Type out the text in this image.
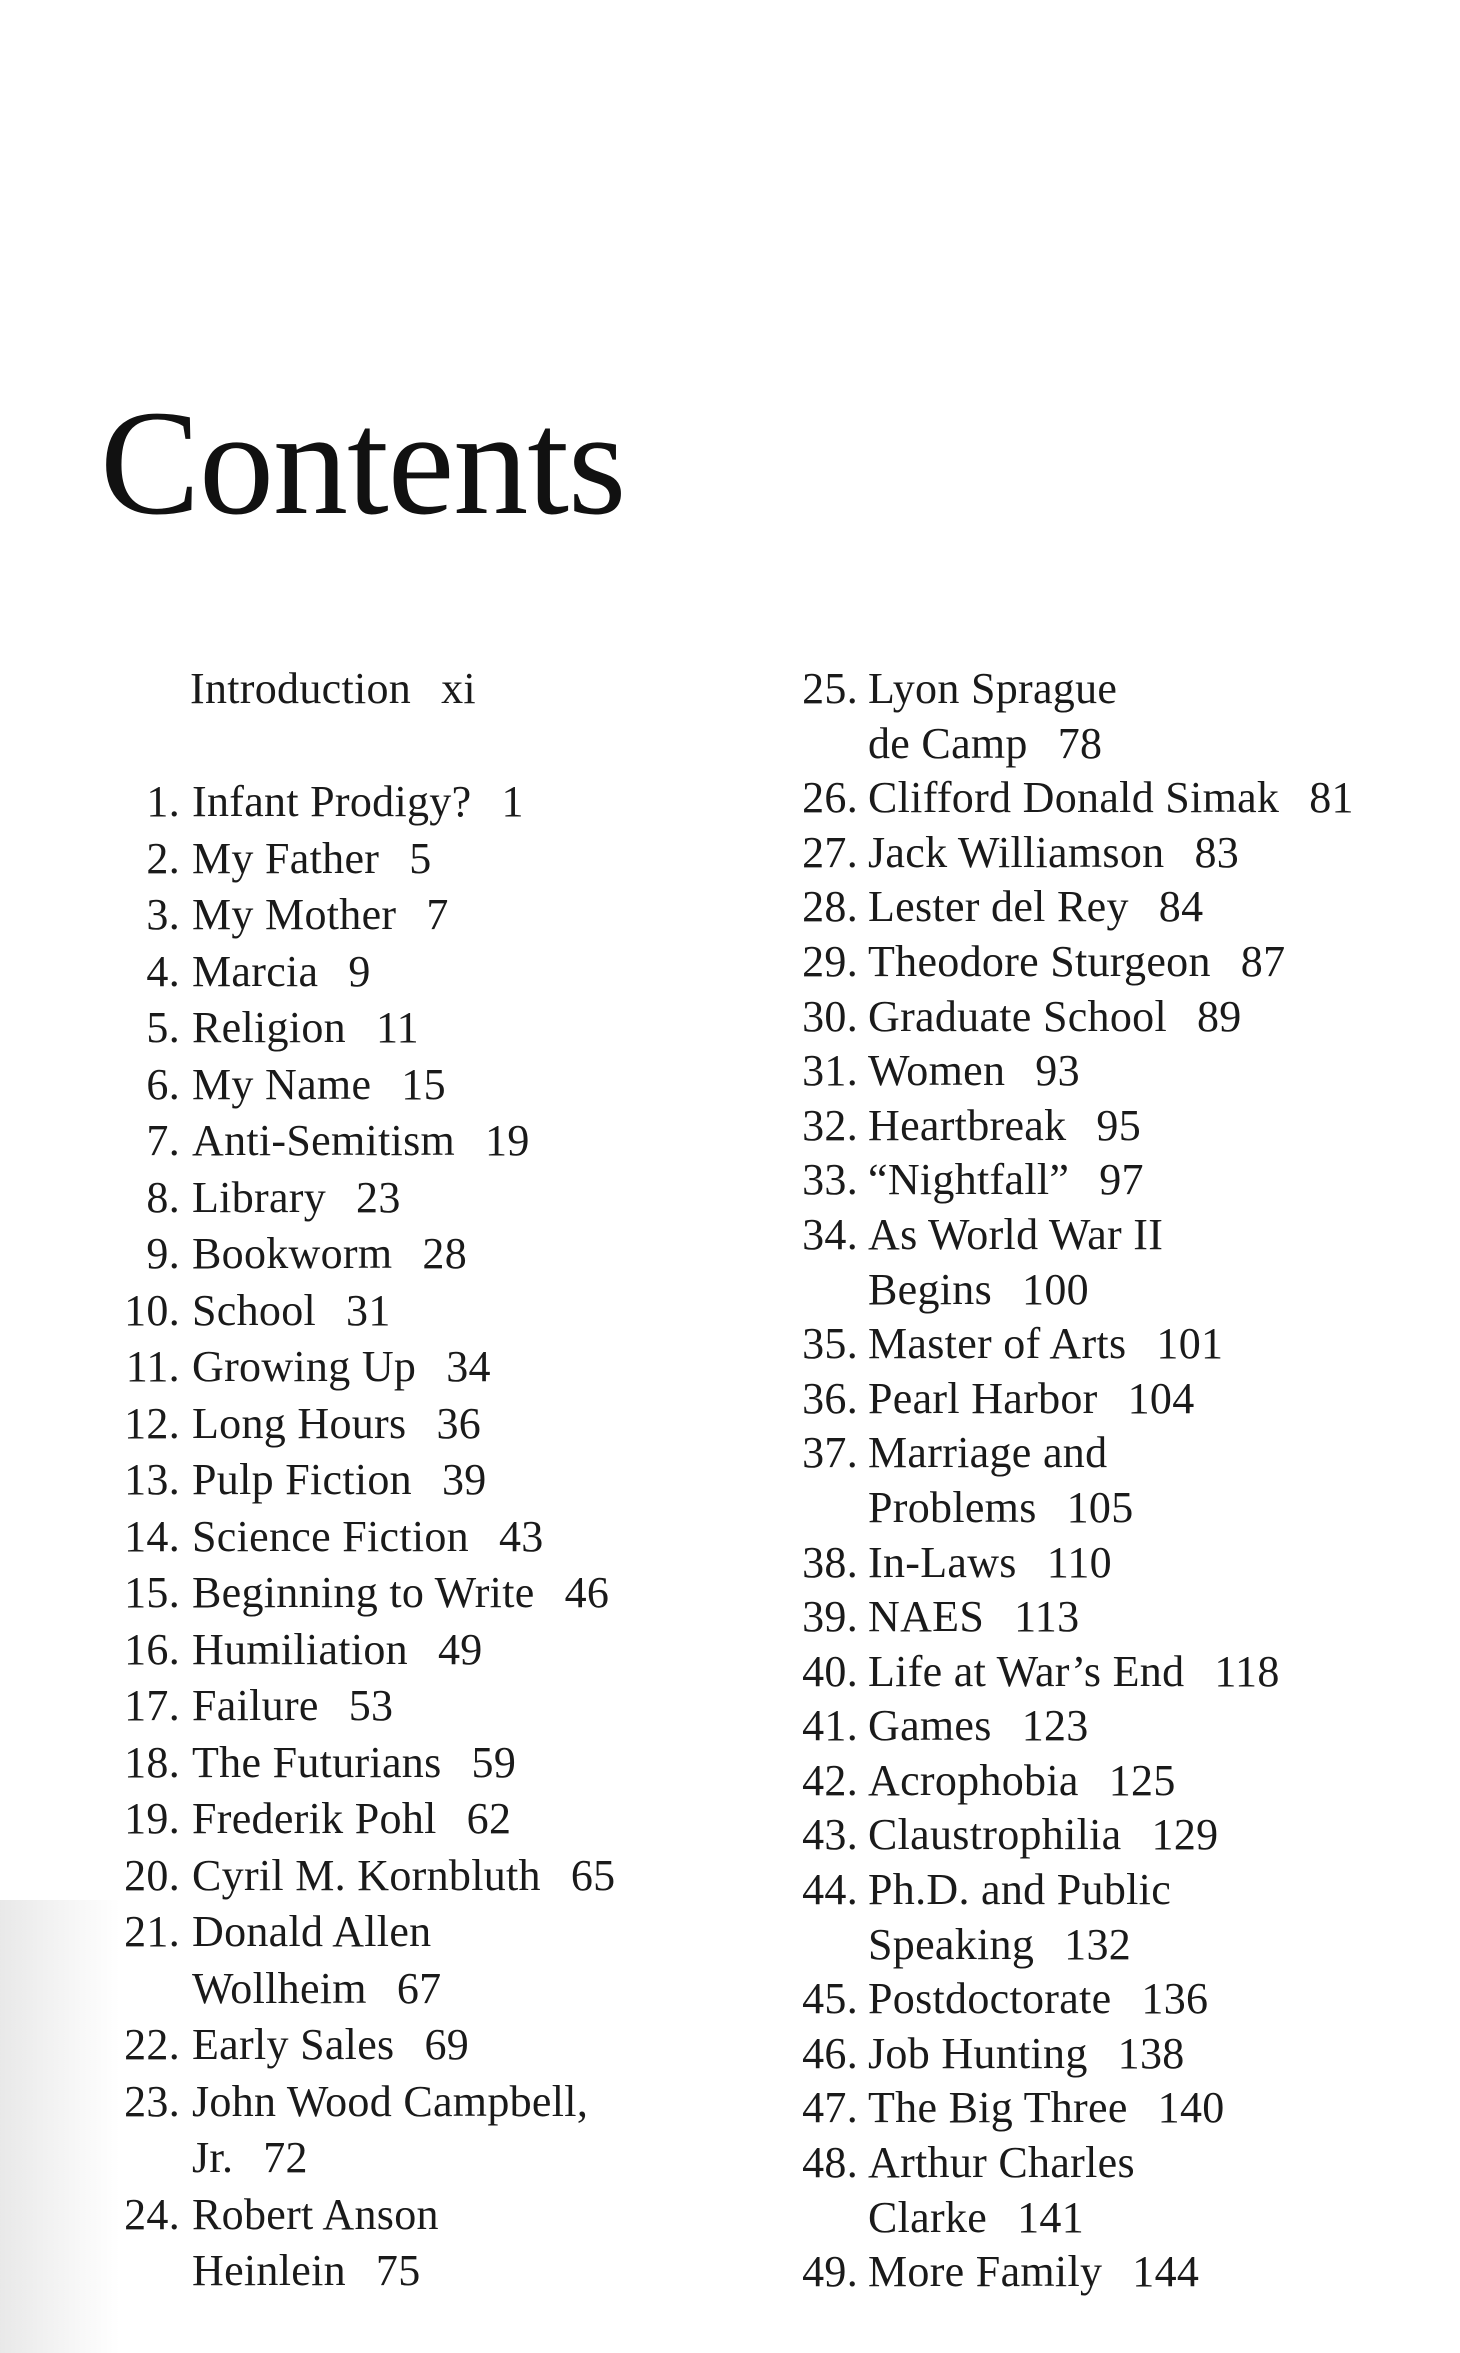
Contents
Introduction xi
1. Infant Prodigy? 1
2. My Father 5
3. My Mother 7
4. Marcia 9
5. Religion 11
6. My Name 15
7. Anti-Semitism 19
8. Library 23
9. Bookworm 28
10. School 31
11. Growing Up 34
12. Long Hours 36
13. Pulp Fiction 39
14. Science Fiction 43
15. Beginning to Write 46
16. Humiliation 49
17. Failure 53
18. The Futurians 59
19. Frederik Pohl 62
20. Cyril M. Kornbluth 65
21. Donald Allen
Wollheim 67
22. Early Sales 69
23. John Wood Campbell,
Jr. 72
24. Robert Anson
Heinlein 75
25. Lyon Sprague
de Camp 78
26. Clifford Donald Simak 81
27. Jack Williamson 83
28. Lester del Rey 84
29. Theodore Sturgeon 87
30. Graduate School 89
31. Women 93
32. Heartbreak 95
33. “Nightfall” 97
34. As World War II
Begins 100
35. Master of Arts 101
36. Pearl Harbor 104
37. Marriage and
Problems 105
38. In-Laws 110
39. NAES 113
40. Life at War’s End 118
41. Games 123
42. Acrophobia 125
43. Claustrophilia 129
44. Ph.D. and Public
Speaking 132
45. Postdoctorate 136
46. Job Hunting 138
47. The Big Three 140
48. Arthur Charles
Clarke 141
49. More Family 144
